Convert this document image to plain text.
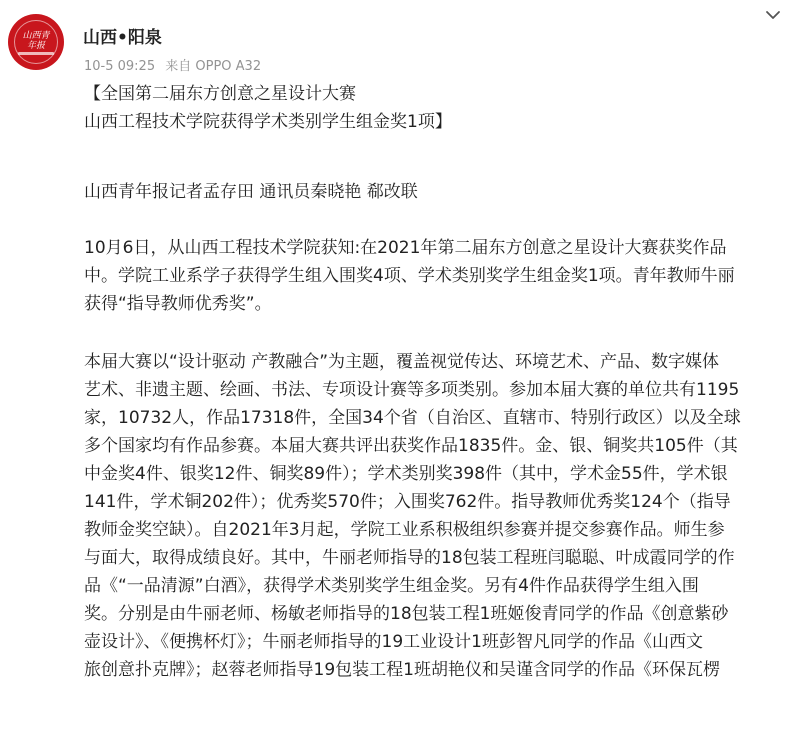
山西青年报 山西•阳泉
10-5 09:25 来自 OPPO A32

【全国第二届东方创意之星设计大赛

山西工程技术学院获得学术类别学生组金奖1项】

山西青年报记者孟存田 通讯员秦晓艳 郗改联

10月6日，从山西工程技术学院获知:在2021年第二届东方创意之星设计大赛获奖作品

中。学院工业系学子获得学生组入围奖4项、学术类别奖学生组金奖1项。青年教师牛丽

获得“指导教师优秀奖”。

本届大赛以“设计驱动 产教融合”为主题，覆盖视觉传达、环境艺术、产品、数字媒体

艺术、非遗主题、绘画、书法、专项设计赛等多项类别。参加本届大赛的单位共有1195

家，10732人，作品17318件，全国34个省（自治区、直辖市、特别行政区）以及全球

多个国家均有作品参赛。本届大赛共评出获奖作品1835件。金、银、铜奖共105件（其

中金奖4件、银奖12件、铜奖89件）；学术类别奖398件（其中，学术金55件，学术银

141件，学术铜202件）；优秀奖570件；入围奖762件。指导教师优秀奖124个（指导

教师金奖空缺）。自2021年3月起，学院工业系积极组织参赛并提交参赛作品。师生参

与面大，取得成绩良好。其中，牛丽老师指导的18包装工程班闫聪聪、叶成霞同学的作

品《“一品清源”白酒》，获得学术类别奖学生组金奖。另有4件作品获得学生组入围

奖。分别是由牛丽老师、杨敏老师指导的18包装工程1班姬俊青同学的作品《创意紫砂

壶设计》、《便携杯灯》；牛丽老师指导的19工业设计1班彭智凡同学的作品《山西文

旅创意扑克牌》；赵蓉老师指导19包装工程1班胡艳仪和吴谨含同学的作品《环保瓦楞
